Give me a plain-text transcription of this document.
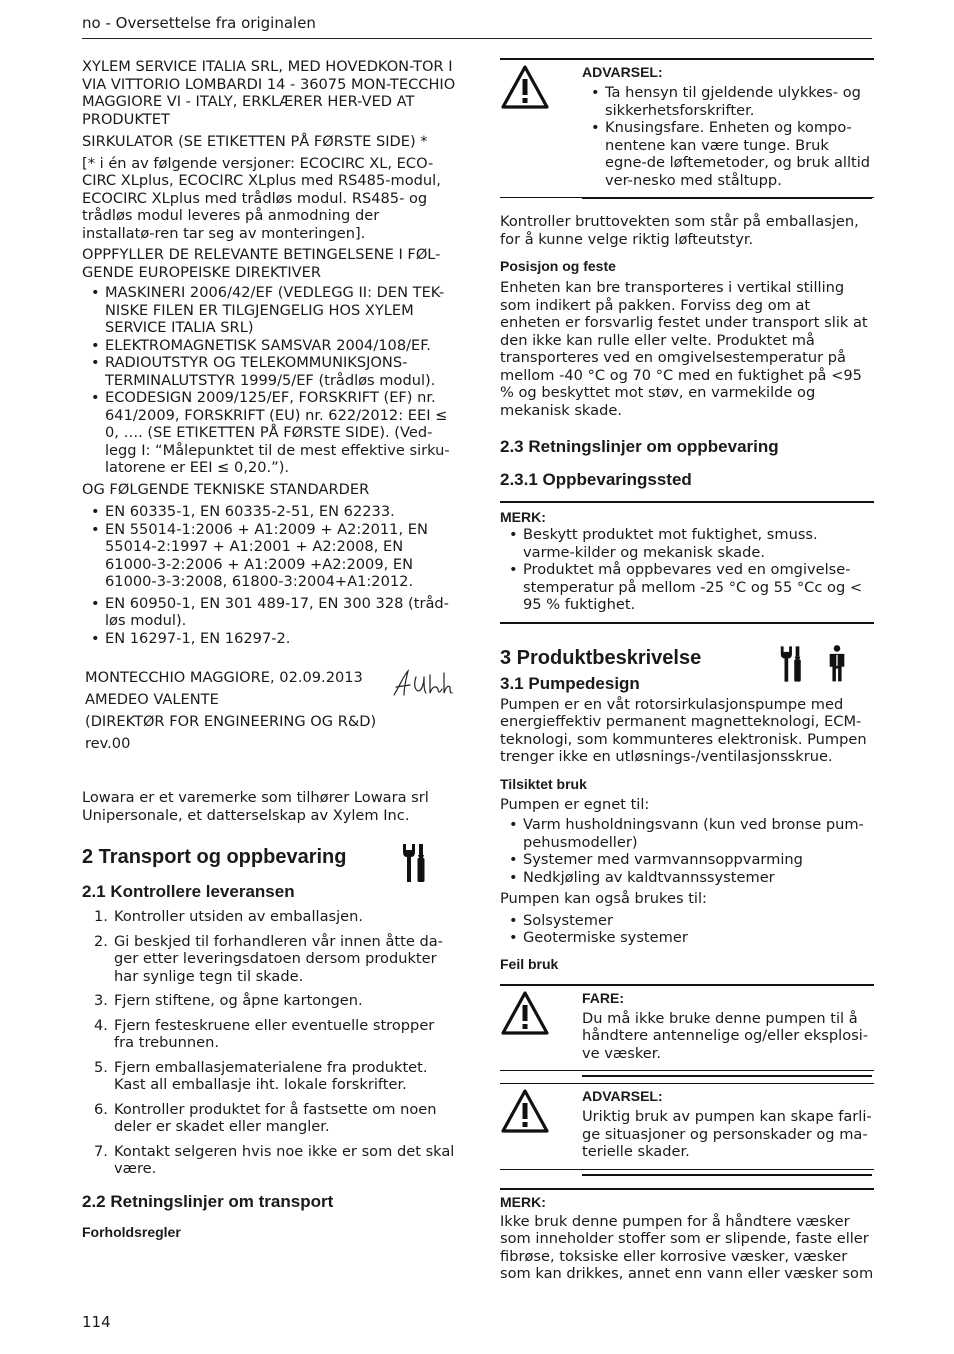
no - Oversettelse fra originalen

XYLEM SERVICE ITALIA SRL, MED HOVEDKON-TOR I VIA VITTORIO LOMBARDI 14 - 36075 MON-TECCHIO MAGGIORE VI - ITALY, ERKLÆRER HER-VED AT PRODUKTET

SIRKULATOR (SE ETIKETTEN PÅ FØRSTE SIDE) *

[* i én av følgende versjoner: ECOCIRC XL, ECO-CIRC XLplus, ECOCIRC XLplus med RS485-modul, ECOCIRC XLplus med trådløs modul. RS485- og trådløs modul leveres på anmodning der installatø-ren tar seg av monteringen].

OPPFYLLER DE RELEVANTE BETINGELSENE I FØL-GENDE EUROPEISKE DIREKTIVER

• MASKINERI 2006/42/EF (VEDLEGG II: DEN TEK-NISKE FILEN ER TILGJENGELIG HOS XYLEM SERVICE ITALIA SRL)
• ELEKTROMAGNETISK SAMSVAR 2004/108/EF.
• RADIOUTSTYR OG TELEKOMMUNIKSJONS-TERMINALUTSTYR 1999/5/EF (trådløs modul).
• ECODESIGN 2009/125/EF, FORSKRIFT (EF) nr. 641/2009, FORSKRIFT (EU) nr. 622/2012: EEI ≤ 0, …. (SE ETIKETTEN PÅ FØRSTE SIDE). (Ved-legg I: “Målepunktet til de mest effektive sirku-latorene er EEI ≤ 0,20.”).

OG FØLGENDE TEKNISKE STANDARDER

• EN 60335-1, EN 60335-2-51, EN 62233.
• EN 55014-1:2006 + A1:2009 + A2:2011, EN 55014-2:1997 + A1:2001 + A2:2008, EN 61000-3-2:2006 + A1:2009 +A2:2009, EN 61000-3-3:2008, 61800-3:2004+A1:2012.
• EN 60950-1, EN 301 489-17, EN 300 328 (tråd-løs modul).
• EN 16297-1, EN 16297-2.
MONTECCHIO MAGGIORE, 02.09.2013
AMEDEO VALENTE
(DIREKTØR FOR ENGINEERING OG R&D)
rev.00

Lowara er et varemerke som tilhører Lowara srl Unipersonale, et datterselskap av Xylem Inc.

2 Transport og oppbevaring
2.1 Kontrollere leveransen
1. Kontroller utsiden av emballasjen.
2. Gi beskjed til forhandleren vår innen åtte da-ger etter leveringsdatoen dersom produkter har synlige tegn til skade.
3. Fjern stiftene, og åpne kartongen.
4. Fjern festeskruene eller eventuelle stropper fra trebunnen.
5. Fjern emballasjematerialene fra produktet. Kast all emballasje iht. lokale forskrifter.
6. Kontroller produktet for å fastsette om noen deler er skadet eller mangler.
7. Kontakt selgeren hvis noe ikke er som det skal være.
2.2 Retningslinjer om transport
Forholdsregler
ADVARSEL:
• Ta hensyn til gjeldende ulykkes- og sikkerhetsforskrifter.
• Knusingsfare. Enheten og kompo-nentene kan være tunge. Bruk egne-de løftemetoder, og bruk alltid ver-nesko med ståltupp.

Kontroller bruttovekten som står på emballasjen, for å kunne velge riktig løfteutstyr.

Posisjon og feste

Enheten kan bre transporteres i vertikal stilling som indikert på pakken. Forviss deg om at enheten er forsvarlig festet under transport slik at den ikke kan rulle eller velte. Produktet må transporteres ved en omgivelsestemperatur på mellom -40 °C og 70 °C med en fuktighet på <95 % og beskyttet mot støv, en varmekilde og mekanisk skade.

2.3 Retningslinjer om oppbevaring
2.3.1 Oppbevaringssted
MERK:
• Beskytt produktet mot fuktighet, smuss. varme-kilder og mekanisk skade.
• Produktet må oppbevares ved en omgivelse-stemperatur på mellom -25 °C og 55 °Cc og < 95 % fuktighet.
3 Produktbeskrivelse
3.1 Pumpedesign

Pumpen er en våt rotorsirkulasjonspumpe med energieffektiv permanent magnetteknologi, ECM-teknologi, som kommunteres elektronisk. Pumpen trenger ikke en utløsnings-/ventilasjonsskrue.

Tilsiktet bruk

Pumpen er egnet til:

• Varm husholdningsvann (kun ved bronse pum-pehusmodeller)
• Systemer med varmvannsoppvarming
• Nedkjøling av kaldtvannssystemer

Pumpen kan også brukes til:

• Solsystemer
• Geotermiske systemer
Feil bruk
FARE:

Du må ikke bruke denne pumpen til å håndtere antennelige og/eller eksplosi-ve væsker.

ADVARSEL:

Uriktig bruk av pumpen kan skape farli-ge situasjoner og personskader og ma-terielle skader.

MERK:

Ikke bruk denne pumpen for å håndtere væsker som inneholder stoffer som er slipende, faste eller fibrøse, toksiske eller korrosive væsker, væsker som kan drikkes, annet enn vann eller væsker som

114
